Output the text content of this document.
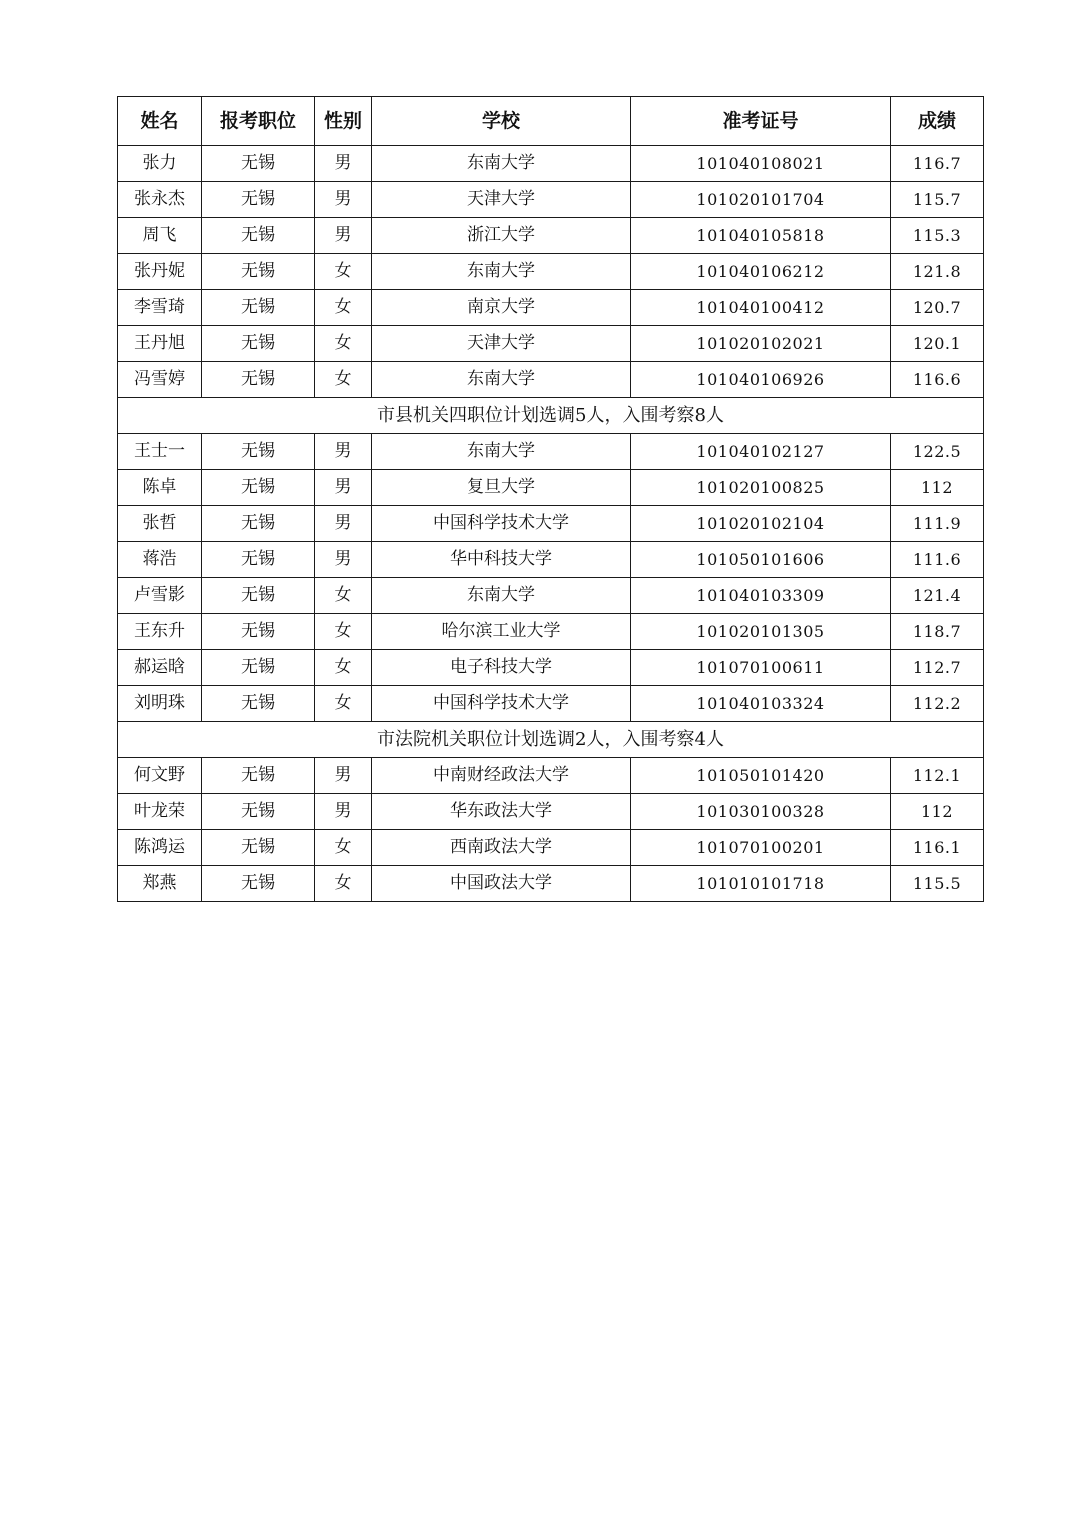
姓名	报考职位	性别	学校	准考证号	成绩
张力	无锡	男	东南大学	101040108021	116.7
张永杰	无锡	男	天津大学	101020101704	115.7
周飞	无锡	男	浙江大学	101040105818	115.3
张丹妮	无锡	女	东南大学	101040106212	121.8
李雪琦	无锡	女	南京大学	101040100412	120.7
王丹旭	无锡	女	天津大学	101020102021	120.1
冯雪婷	无锡	女	东南大学	101040106926	116.6
市县机关四职位计划选调5人，入围考察8人					
王士一	无锡	男	东南大学	101040102127	122.5
陈卓	无锡	男	复旦大学	101020100825	112
张哲	无锡	男	中国科学技术大学	101020102104	111.9
蒋浩	无锡	男	华中科技大学	101050101606	111.6
卢雪影	无锡	女	东南大学	101040103309	121.4
王东升	无锡	女	哈尔滨工业大学	101020101305	118.7
郝运晗	无锡	女	电子科技大学	101070100611	112.7
刘明珠	无锡	女	中国科学技术大学	101040103324	112.2
市法院机关职位计划选调2人，入围考察4人					
何文野	无锡	男	中南财经政法大学	101050101420	112.1
叶龙荣	无锡	男	华东政法大学	101030100328	112
陈鸿运	无锡	女	西南政法大学	101070100201	116.1
郑燕	无锡	女	中国政法大学	101010101718	115.5
